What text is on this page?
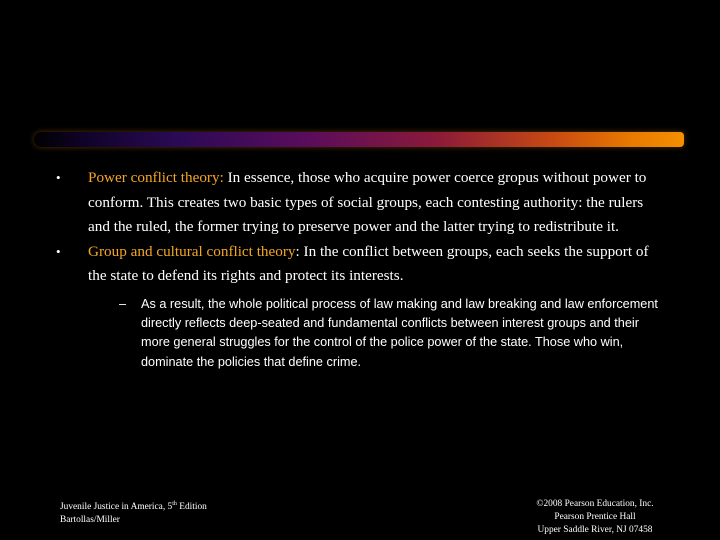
•	Power conflict theory: In essence, those who acquire power coerce gropus without power to conform. This creates two basic types of social groups, each contesting authority: the rulers and the ruled, the former trying to preserve power and the latter trying to redistribute it.
•	Group and cultural conflict theory: In the conflict between groups, each seeks the support of the state to defend its rights and protect its interests.
– As a result, the whole political process of law making and law breaking and law enforcement directly reflects deep-seated and fundamental conflicts between interest groups and their more general struggles for the control of the police power of the state. Those who win, dominate the policies that define crime.
Juvenile Justice in America, 5th Edition
Bartollas/Miller
©2008 Pearson Education, Inc.
Pearson Prentice Hall
Upper Saddle River, NJ 07458
